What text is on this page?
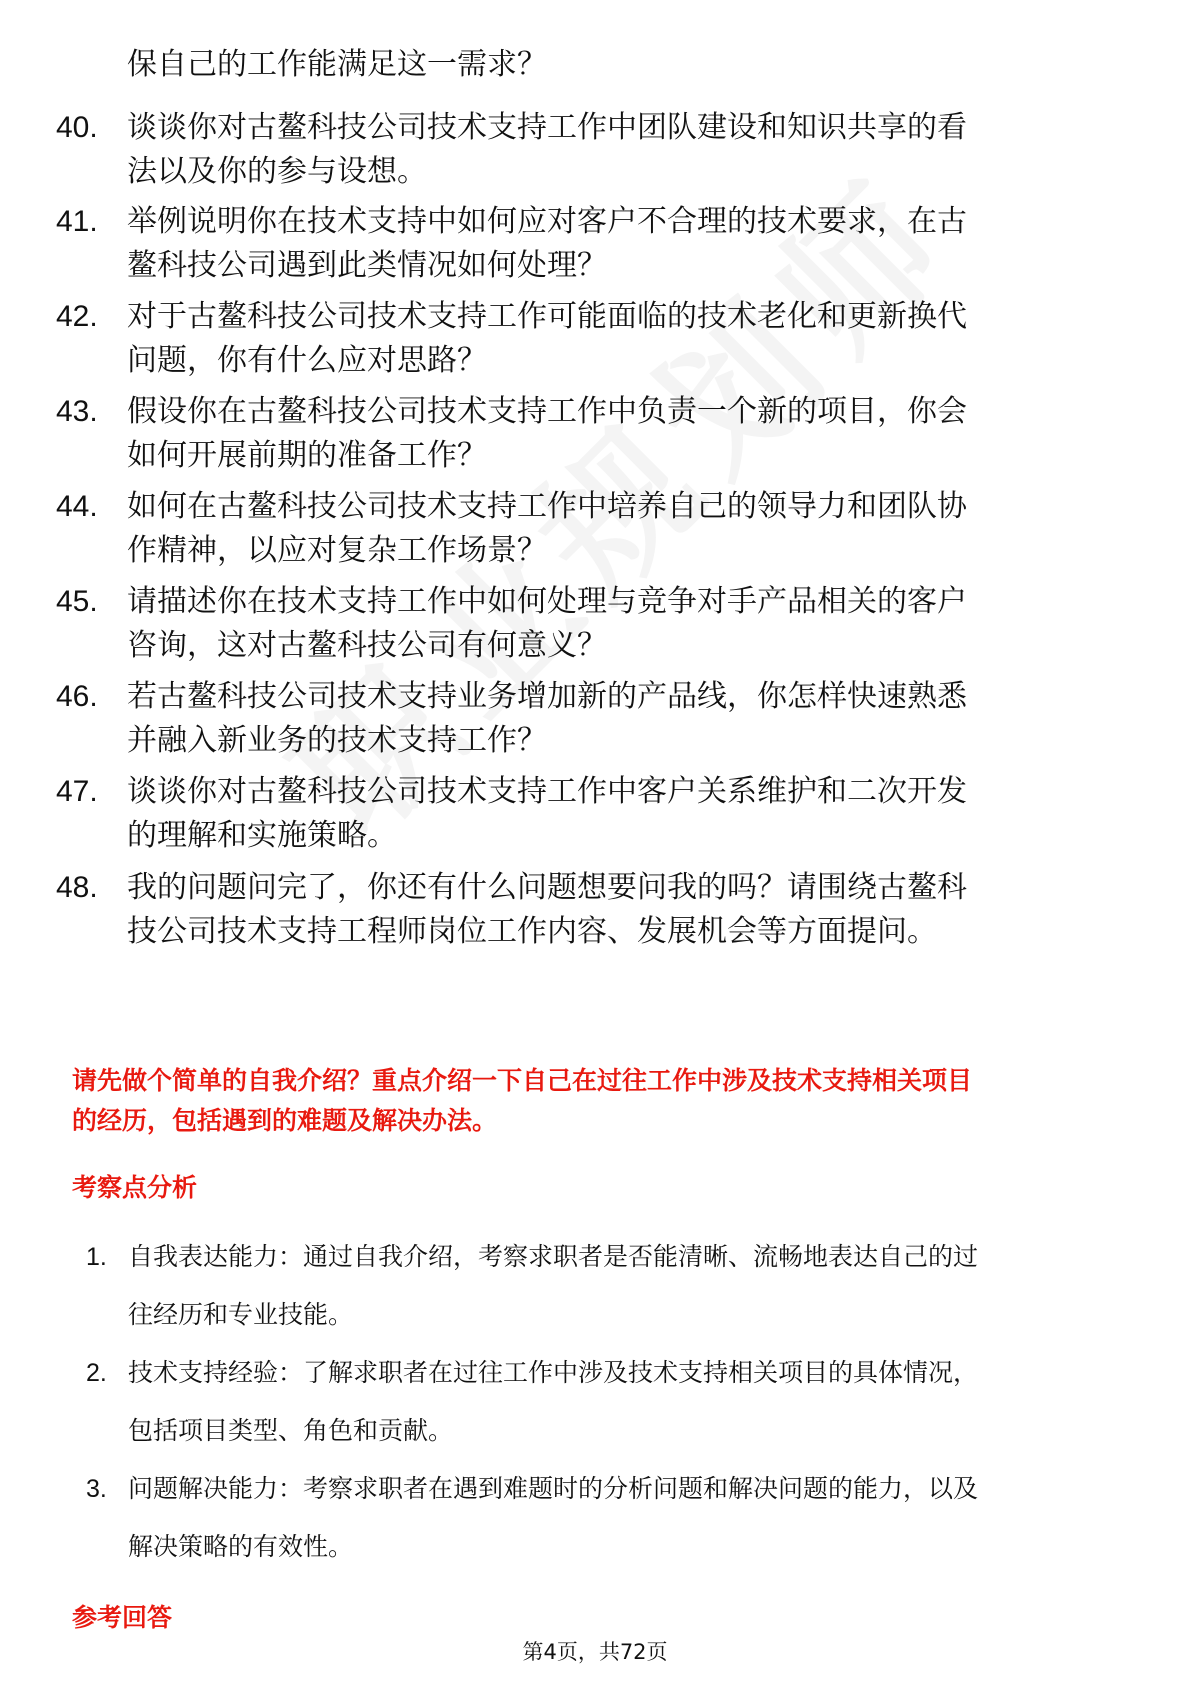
保自己的工作能满足这一需求？
40. 谈谈你对古鳌科技公司技术支持工作中团队建设和知识共享的看
法以及你的参与设想。
41. 举例说明你在技术支持中如何应对客户不合理的技术要求，在古
鳌科技公司遇到此类情况如何处理？
42. 对于古鳌科技公司技术支持工作可能面临的技术老化和更新换代
问题，你有什么应对思路？
43. 假设你在古鳌科技公司技术支持工作中负责一个新的项目，你会
如何开展前期的准备工作？
44. 如何在古鳌科技公司技术支持工作中培养自己的领导力和团队协
作精神，以应对复杂工作场景？
45. 请描述你在技术支持工作中如何处理与竞争对手产品相关的客户
咨询，这对古鳌科技公司有何意义？
46. 若古鳌科技公司技术支持业务增加新的产品线，你怎样快速熟悉
并融入新业务的技术支持工作？
47. 谈谈你对古鳌科技公司技术支持工作中客户关系维护和二次开发
的理解和实施策略。
48. 我的问题问完了，你还有什么问题想要问我的吗？请围绕古鳌科
技公司技术支持工程师岗位工作内容、发展机会等方面提问。
请先做个简单的自我介绍？重点介绍一下自己在过往工作中涉及技术支持相关项目
的经历，包括遇到的难题及解决办法。
考察点分析
1. 自我表达能力：通过自我介绍，考察求职者是否能清晰、流畅地表达自己的过
往经历和专业技能。
2. 技术支持经验：了解求职者在过往工作中涉及技术支持相关项目的具体情况，
包括项目类型、角色和贡献。
3. 问题解决能力：考察求职者在遇到难题时的分析问题和解决问题的能力，以及
解决策略的有效性。
参考回答
第4页，共72页
